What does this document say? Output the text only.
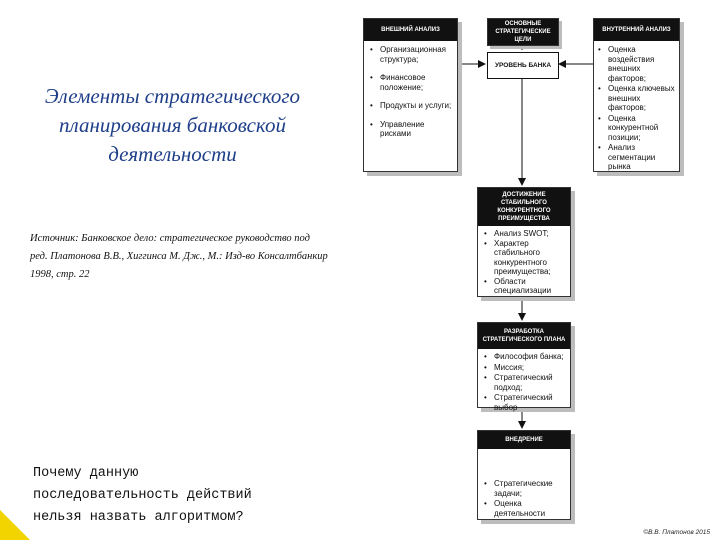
Элементы стратегического планирования банковской деятельности
Источник: Банковское дело: стратегическое руководство под ред. Платонова В.В., Хиггинса М. Дж., М.: Изд-во Консалтбанкир 1998, стр. 22
Почему данную последовательность действий нельзя назвать алгоритмом?
©В.В. Платонов 2015
ВНЕШНИЙ АНАЛИЗ
• Организационная структура;
• Финансовое положение;
• Продукты и услуги;
• Управление рисками
ОСНОВНЫЕ СТРАТЕГИЧЕСКИЕ ЦЕЛИ
УРОВЕНЬ БАНКА
ВНУТРЕННИЙ АНАЛИЗ
• Оценка воздействия внешних факторов;
• Оценка ключевых внешних факторов;
• Оценка конкурентной позиции;
• Анализ сегментации рынка
ДОСТИЖЕНИЕ СТАБИЛЬНОГО КОНКУРЕНТНОГО ПРЕИМУЩЕСТВА
• Анализ SWOT;
• Характер стабильного конкурентного преимущества;
• Области специализации
РАЗРАБОТКА СТРАТЕГИЧЕСКОГО ПЛАНА
• Философия банка;
• Миссия;
• Стратегический подход;
• Стратегический выбор
ВНЕДРЕНИЕ
• Стратегические задачи;
• Оценка деятельности
